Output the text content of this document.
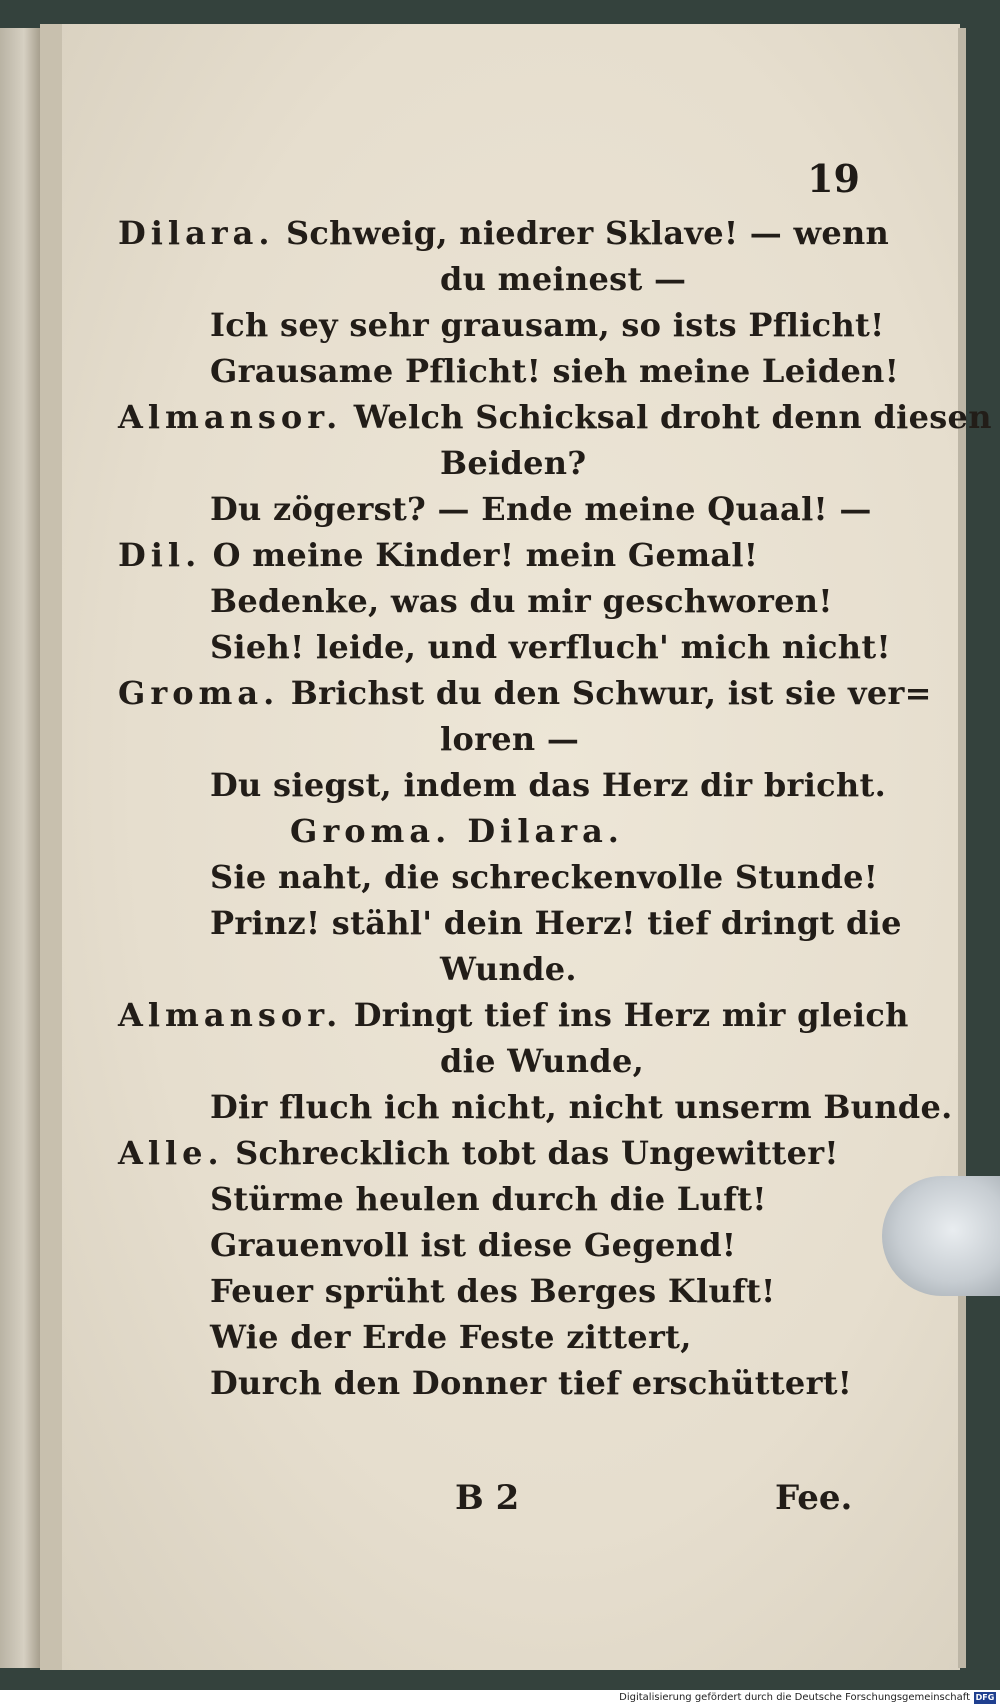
19
Dilara. Schweig, niedrer Sklave! — wenn
du meinest —
Ich sey sehr grausam, so ists Pflicht!
Grausame Pflicht! sieh meine Leiden!
Almansor. Welch Schicksal droht denn diesen
Beiden?
Du zögerst? — Ende meine Quaal! —
Dil. O meine Kinder! mein Gemal!
Bedenke, was du mir geschworen!
Sieh! leide, und verfluch' mich nicht!
Groma. Brichst du den Schwur, ist sie ver=
loren —
Du siegst, indem das Herz dir bricht.
Groma. Dilara.
Sie naht, die schreckenvolle Stunde!
Prinz! stähl' dein Herz! tief dringt die
Wunde.
Almansor. Dringt tief ins Herz mir gleich
die Wunde,
Dir fluch ich nicht, nicht unserm Bunde.
Alle. Schrecklich tobt das Ungewitter!
Stürme heulen durch die Luft!
Grauenvoll ist diese Gegend!
Feuer sprüht des Berges Kluft!
Wie der Erde Feste zittert,
Durch den Donner tief erschüttert!
B 2	Fee.
Digitalisierung gefördert durch die Deutsche Forschungsgemeinschaft DFG
